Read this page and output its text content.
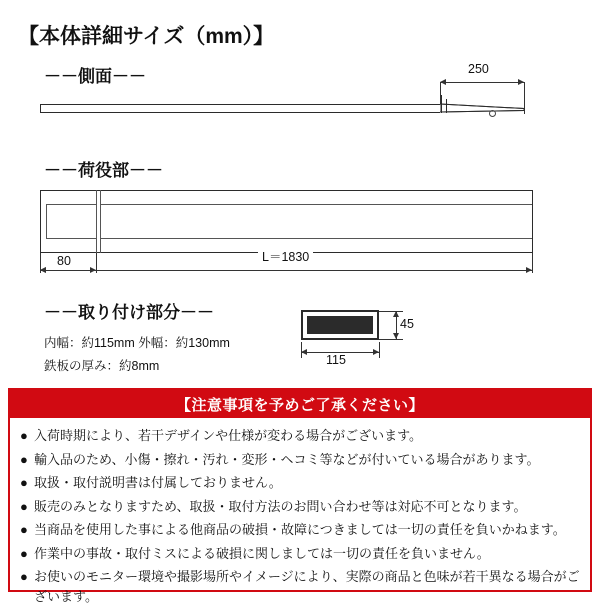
【本体詳細サイズ（mm）】
－－側面－－	250
－－荷役部－－
80	L＝1830
－－取り付け部分－－
内幅：約115mm 外幅：約130mm
鉄板の厚み：約8mm	115
45
【注意事項を予めご了承ください】
● 入荷時期により、若干デザインや仕様が変わる場合がございます。
● 輸入品のため、小傷・擦れ・汚れ・変形・ヘコミ等などが付いている場合があります。
● 取扱・取付説明書は付属しておりません。
● 販売のみとなりますため、取扱・取付方法のお問い合わせ等は対応不可となります。
● 当商品を使用した事による他商品の破損・故障につきましては一切の責任を負いかねます。
● 作業中の事故・取付ミスによる破損に関しましては一切の責任を負いません。
● お使いのモニター環境や撮影場所やイメージにより、実際の商品と色味が若干異なる場合がございます。
